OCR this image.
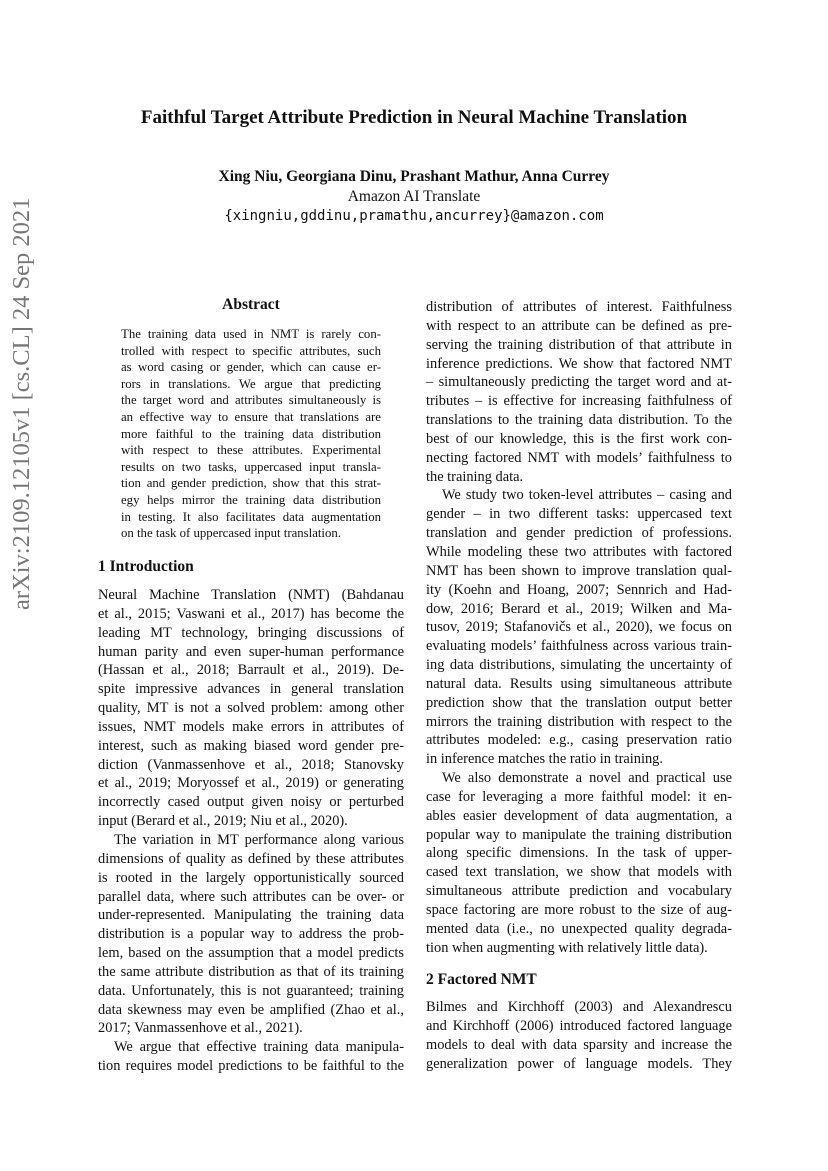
arXiv:2109.12105v1 [cs.CL] 24 Sep 2021
Faithful Target Attribute Prediction in Neural Machine Translation
Xing Niu, Georgiana Dinu, Prashant Mathur, Anna Currey
Amazon AI Translate
{xingniu,gddinu,pramathu,ancurrey}@amazon.com
Abstract
The training data used in NMT is rarely con-
trolled with respect to specific attributes, such
as word casing or gender, which can cause er-
rors in translations. We argue that predicting
the target word and attributes simultaneously is
an effective way to ensure that translations are
more faithful to the training data distribution
with respect to these attributes. Experimental
results on two tasks, uppercased input transla-
tion and gender prediction, show that this strat-
egy helps mirror the training data distribution
in testing. It also facilitates data augmentation
on the task of uppercased input translation.
1 Introduction
Neural Machine Translation (NMT) (Bahdanau
et al., 2015; Vaswani et al., 2017) has become the
leading MT technology, bringing discussions of
human parity and even super-human performance
(Hassan et al., 2018; Barrault et al., 2019). De-
spite impressive advances in general translation
quality, MT is not a solved problem: among other
issues, NMT models make errors in attributes of
interest, such as making biased word gender pre-
diction (Vanmassenhove et al., 2018; Stanovsky
et al., 2019; Moryossef et al., 2019) or generating
incorrectly cased output given noisy or perturbed
input (Berard et al., 2019; Niu et al., 2020).
The variation in MT performance along various
dimensions of quality as defined by these attributes
is rooted in the largely opportunistically sourced
parallel data, where such attributes can be over- or
under-represented. Manipulating the training data
distribution is a popular way to address the prob-
lem, based on the assumption that a model predicts
the same attribute distribution as that of its training
data. Unfortunately, this is not guaranteed; training
data skewness may even be amplified (Zhao et al.,
2017; Vanmassenhove et al., 2021).
We argue that effective training data manipula-
tion requires model predictions to be faithful to the
distribution of attributes of interest. Faithfulness
with respect to an attribute can be defined as pre-
serving the training distribution of that attribute in
inference predictions. We show that factored NMT
– simultaneously predicting the target word and at-
tributes – is effective for increasing faithfulness of
translations to the training data distribution. To the
best of our knowledge, this is the first work con-
necting factored NMT with models’ faithfulness to
the training data.
We study two token-level attributes – casing and
gender – in two different tasks: uppercased text
translation and gender prediction of professions.
While modeling these two attributes with factored
NMT has been shown to improve translation qual-
ity (Koehn and Hoang, 2007; Sennrich and Had-
dow, 2016; Berard et al., 2019; Wilken and Ma-
tusov, 2019; Stafanovičs et al., 2020), we focus on
evaluating models’ faithfulness across various train-
ing data distributions, simulating the uncertainty of
natural data. Results using simultaneous attribute
prediction show that the translation output better
mirrors the training distribution with respect to the
attributes modeled: e.g., casing preservation ratio
in inference matches the ratio in training.
We also demonstrate a novel and practical use
case for leveraging a more faithful model: it en-
ables easier development of data augmentation, a
popular way to manipulate the training distribution
along specific dimensions. In the task of upper-
cased text translation, we show that models with
simultaneous attribute prediction and vocabulary
space factoring are more robust to the size of aug-
mented data (i.e., no unexpected quality degrada-
tion when augmenting with relatively little data).
2 Factored NMT
Bilmes and Kirchhoff (2003) and Alexandrescu
and Kirchhoff (2006) introduced factored language
models to deal with data sparsity and increase the
generalization power of language models. They
